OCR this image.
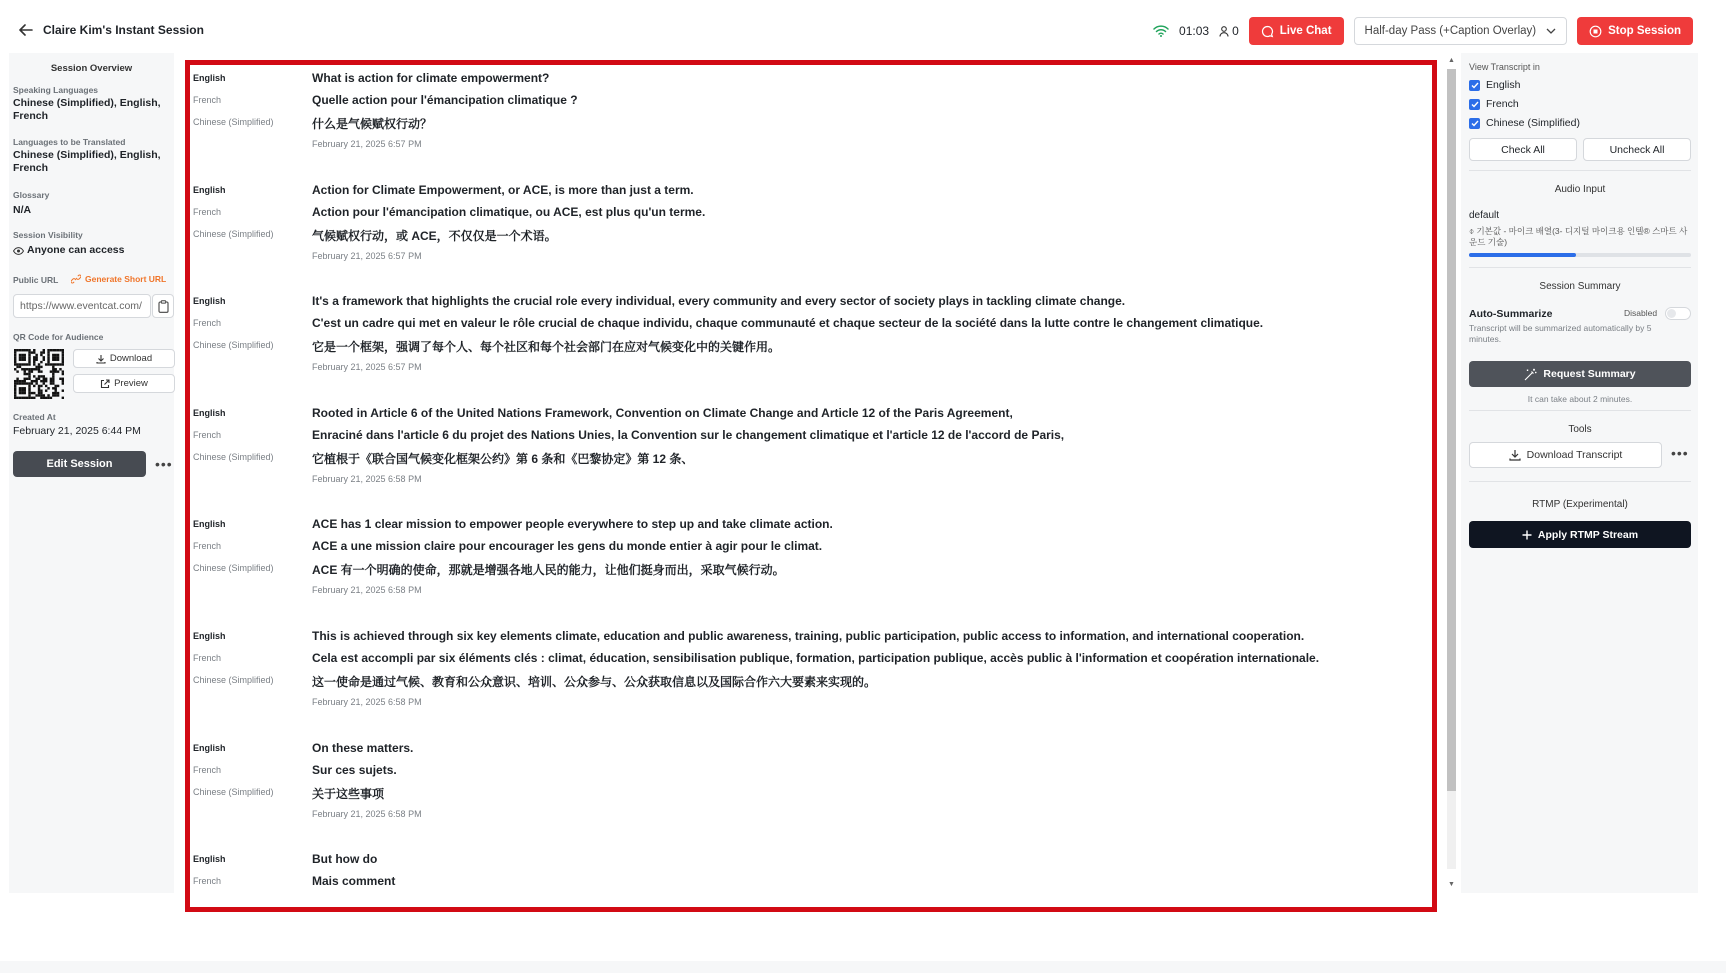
Claire Kim's Instant Session	01:03 0	Live Chat	Half-day Pass (+Caption Overlay)	Stop Session
Session Overview
Speaking Languages
Chinese (Simplified), English, French
Languages to be Translated
Chinese (Simplified), English, French
Glossary
N/A
Session Visibility
Anyone can access
Public URL	Generate Short URL
https://www.eventcat.com/
QR Code for Audience
Download
Preview
Created At
February 21, 2025 6:44 PM
Edit Session	•••
English	What is action for climate empowerment?
French	Quelle action pour l'émancipation climatique ?
Chinese (Simplified)	什么是气候赋权行动？
February 21, 2025 6:57 PM
English	Action for Climate Empowerment, or ACE, is more than just a term.
French	Action pour l'émancipation climatique, ou ACE, est plus qu'un terme.
Chinese (Simplified)	气候赋权行动，或 ACE，不仅仅是一个术语。
February 21, 2025 6:57 PM
English	It's a framework that highlights the crucial role every individual, every community and every sector of society plays in tackling climate change.
French	C'est un cadre qui met en valeur le rôle crucial de chaque individu, chaque communauté et chaque secteur de la société dans la lutte contre le changement climatique.
Chinese (Simplified)	它是一个框架，强调了每个人、每个社区和每个社会部门在应对气候变化中的关键作用。
February 21, 2025 6:57 PM
English	Rooted in Article 6 of the United Nations Framework, Convention on Climate Change and Article 12 of the Paris Agreement,
French	Enraciné dans l'article 6 du projet des Nations Unies, la Convention sur le changement climatique et l'article 12 de l'accord de Paris,
Chinese (Simplified)	它植根于《联合国气候变化框架公约》第 6 条和《巴黎协定》第 12 条、
February 21, 2025 6:58 PM
English	ACE has 1 clear mission to empower people everywhere to step up and take climate action.
French	ACE a une mission claire pour encourager les gens du monde entier à agir pour le climat.
Chinese (Simplified)	ACE 有一个明确的使命，那就是增强各地人民的能力，让他们挺身而出，采取气候行动。
February 21, 2025 6:58 PM
English	This is achieved through six key elements climate, education and public awareness, training, public participation, public access to information, and international cooperation.
French	Cela est accompli par six éléments clés : climat, éducation, sensibilisation publique, formation, participation publique, accès public à l'information et coopération internationale.
Chinese (Simplified)	这一使命是通过气候、教育和公众意识、培训、公众参与、公众获取信息以及国际合作六大要素来实现的。
February 21, 2025 6:58 PM
English	On these matters.
French	Sur ces sujets.
Chinese (Simplified)	关于这些事项
February 21, 2025 6:58 PM
English	But how do
French	Mais comment
▲
▼
View Transcript in
English
French
Chinese (Simplified)
Check All	Uncheck All
Audio Input
default
⌽ 기본값 - 마이크 배열(3- 디지털 마이크용 인텔® 스마트 사운드 기술)
Session Summary
Auto-Summarize	Disabled
Transcript will be summarized automatically by 5 minutes.
Request Summary
It can take about 2 minutes.
Tools
Download Transcript	•••
RTMP (Experimental)
Apply RTMP Stream
